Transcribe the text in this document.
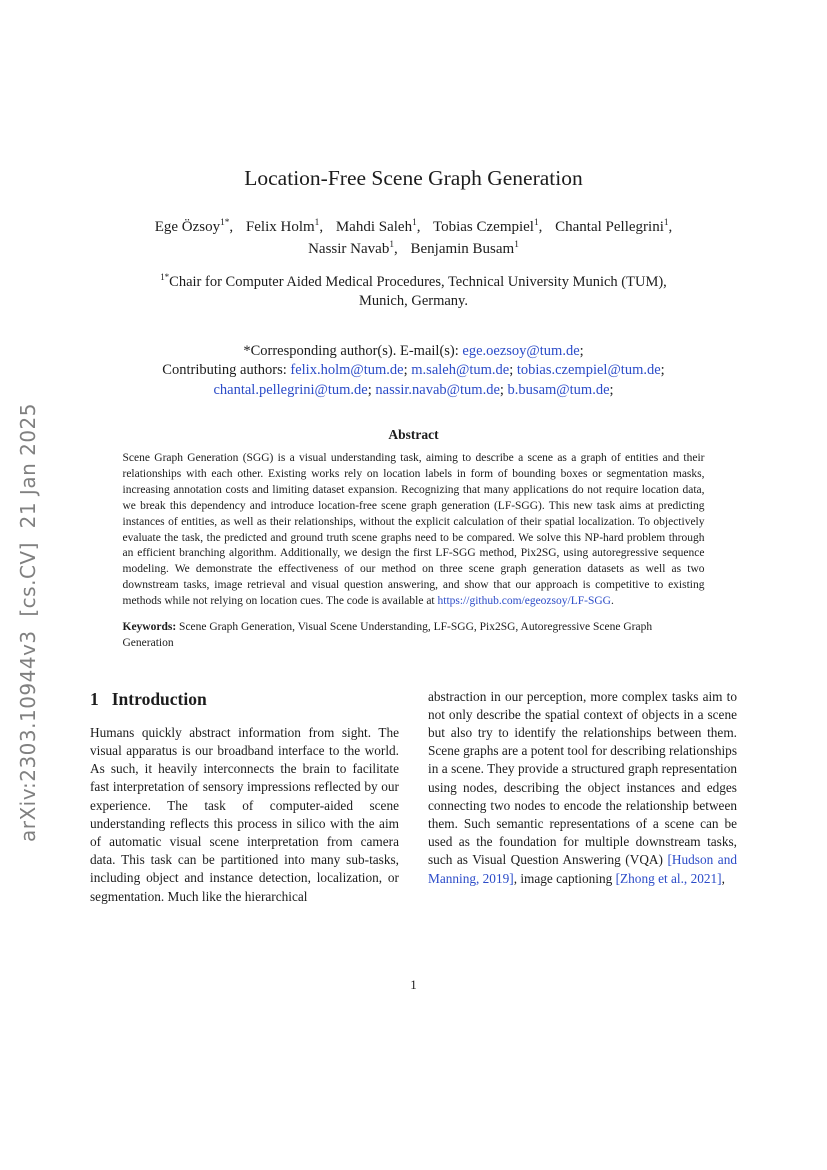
arXiv:2303.10944v3  [cs.CV]  21 Jan 2025
Location-Free Scene Graph Generation
Ege Özsoy$^{1*}$, Felix Holm$^1$, Mahdi Saleh$^1$, Tobias Czempiel$^1$, Chantal Pellegrini$^1$,
Nassir Navab$^1$, Benjamin Busam$^1$
$^{1*}$Chair for Computer Aided Medical Procedures, Technical University Munich (TUM),
Munich, Germany.
*Corresponding author(s). E-mail(s): ege.oezsoy@tum.de;
Contributing authors: felix.holm@tum.de; m.saleh@tum.de; tobias.czempiel@tum.de;
chantal.pellegrini@tum.de; nassir.navab@tum.de; b.busam@tum.de;
Abstract

Scene Graph Generation (SGG) is a visual understanding task, aiming to describe a scene as a graph of entities and their relationships with each other. Existing works rely on location labels in form of bounding boxes or segmentation masks, increasing annotation costs and limiting dataset expansion. Recognizing that many applications do not require location data, we break this dependency and introduce location-free scene graph generation (LF-SGG). This new task aims at predicting instances of entities, as well as their relationships, without the explicit calculation of their spatial localization. To objectively evaluate the task, the predicted and ground truth scene graphs need to be compared. We solve this NP-hard problem through an efficient branching algorithm. Additionally, we design the first LF-SGG method, Pix2SG, using autoregressive sequence modeling. We demonstrate the effectiveness of our method on three scene graph generation datasets as well as two downstream tasks, image retrieval and visual question answering, and show that our approach is competitive to existing methods while not relying on location cues. The code is available at https://github.com/egeozsoy/LF-SGG.

Keywords: Scene Graph Generation, Visual Scene Understanding, LF-SGG, Pix2SG, Autoregressive Scene Graph Generation

1 Introduction

Humans quickly abstract information from sight. The visual apparatus is our broadband interface to the world. As such, it heavily interconnects the brain to facilitate fast interpretation of sensory impressions reflected by our experience. The task of computer-aided scene understanding reflects this process in silico with the aim of automatic visual scene interpretation from camera data. This task can be partitioned into many sub-tasks, including object and instance detection, localization, or segmentation. Much like the hierarchical

abstraction in our perception, more complex tasks aim to not only describe the spatial context of objects in a scene but also try to identify the relationships between them. Scene graphs are a potent tool for describing relationships in a scene. They provide a structured graph representation using nodes, describing the object instances and edges connecting two nodes to encode the relationship between them. Such semantic representations of a scene can be used as the foundation for multiple downstream tasks, such as Visual Question Answering (VQA) [Hudson and Manning, 2019], image captioning [Zhong et al., 2021],

1
